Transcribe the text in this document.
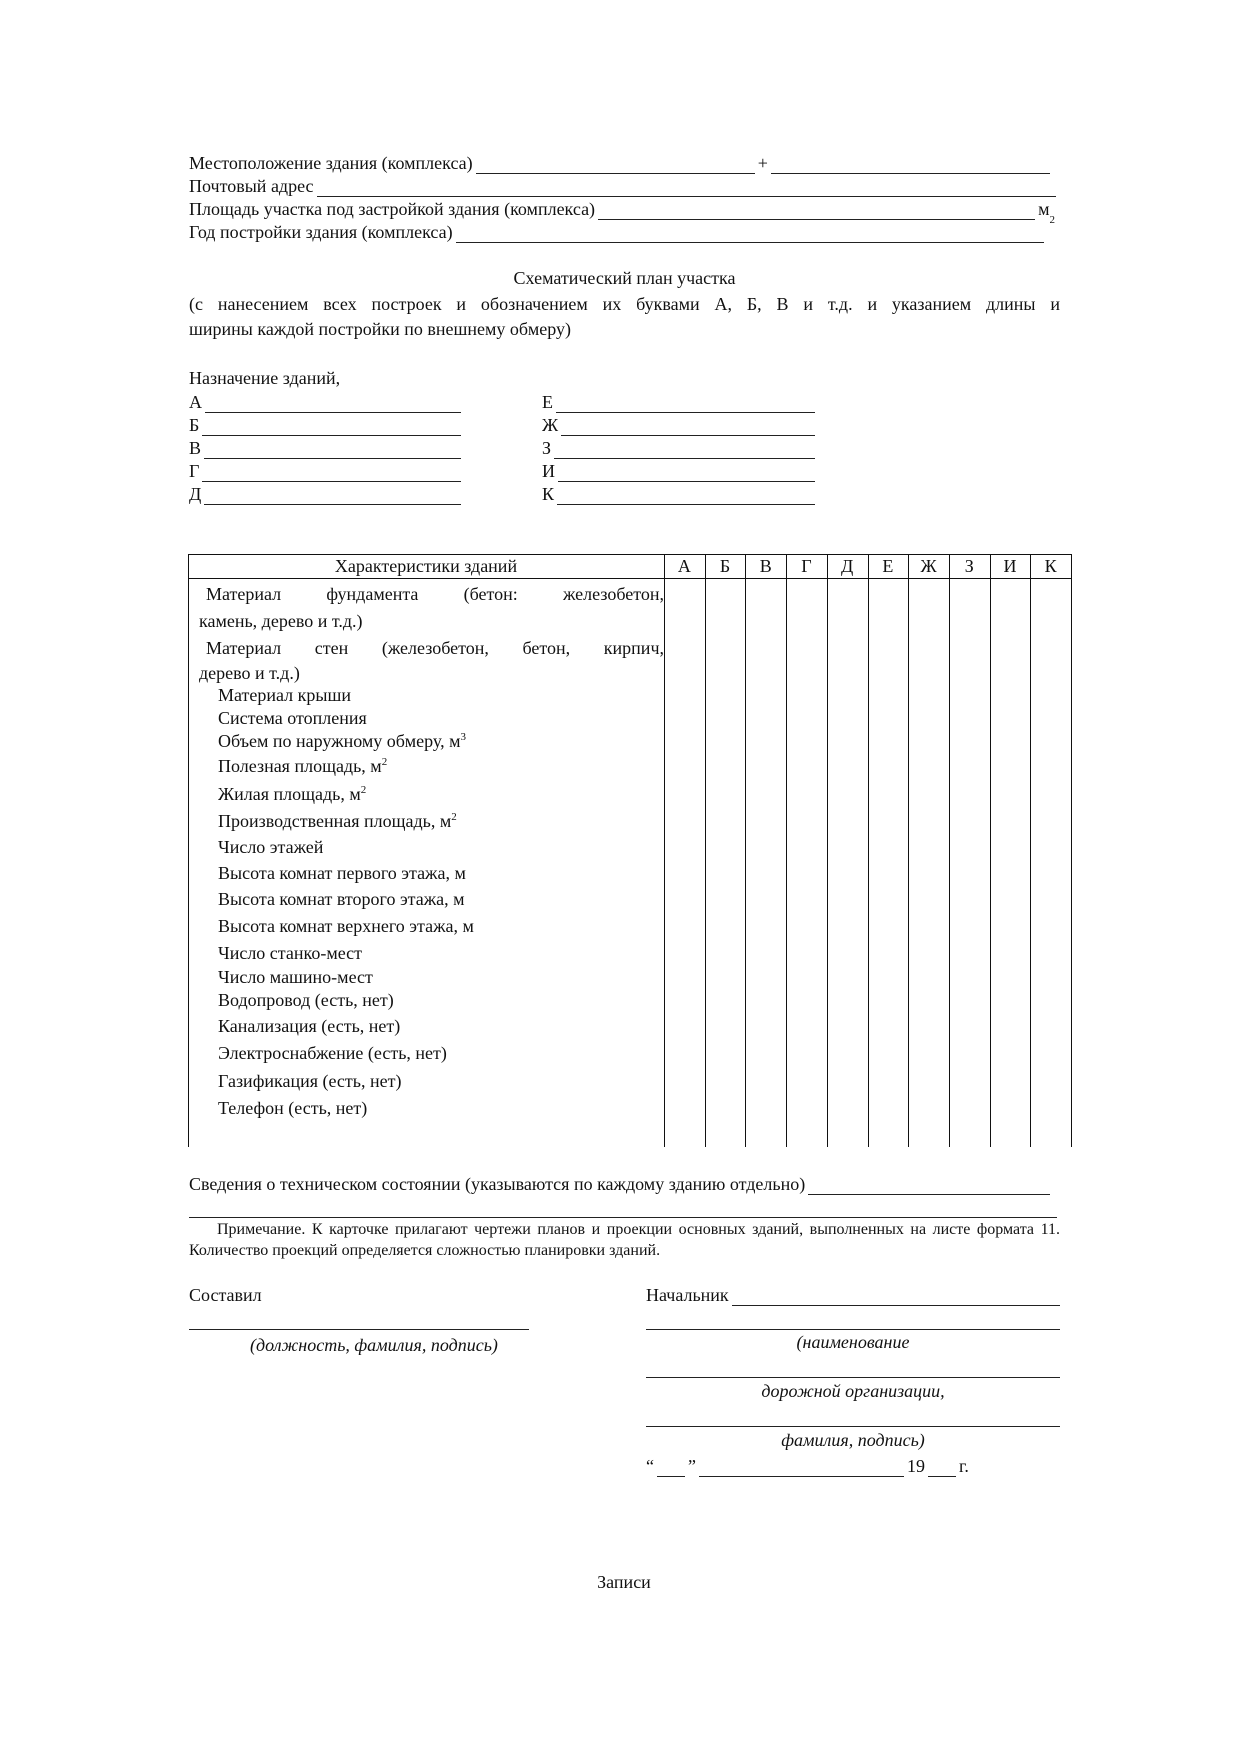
Местоположение здания (комплекса)	+
Почтовый адрес
Площадь участка под застройкой здания (комплекса)	м
2
Год постройки здания (комплекса)
Схематический план участка
(с нанесением всех построек и обозначением их буквами А, Б, В и т.д. и указанием длины и
ширины каждой постройки по внешнему обмеру)
Назначение зданий,
А	Е
Б	Ж
В	З
Г	И
Д	К
Характеристики зданий	А	Б	В	Г	Д	Е	Ж	З	И	К
Материал фундамента (бетон: железобетон,
камень, дерево и т.д.)
Материал стен (железобетон, бетон, кирпич,
дерево и т.д.)
Материал крыши
Система отопления
Объем по наружному обмеру, $м^3$
Полезная площадь, $м^2$
Жилая площадь, $м^2$
Производственная площадь, $м^2$
Число этажей
Высота комнат первого этажа, м
Высота комнат второго этажа, м
Высота комнат верхнего этажа, м
Число станко-мест
Число машино-мест
Водопровод (есть, нет)
Канализация (есть, нет)
Электроснабжение (есть, нет)
Газификация (есть, нет)
Телефон (есть, нет)
Сведения о техническом состоянии (указываются по каждому зданию отдельно)
Примечание. К карточке прилагают чертежи планов и проекции основных зданий, выполненных на листе формата 11. Количество проекций определяется сложностью планировки зданий.
Составил
(должность, фамилия, подпись)
Начальник
(наименование
дорожной организации,
фамилия, подпись)
“ ”	19 г.
Записи
